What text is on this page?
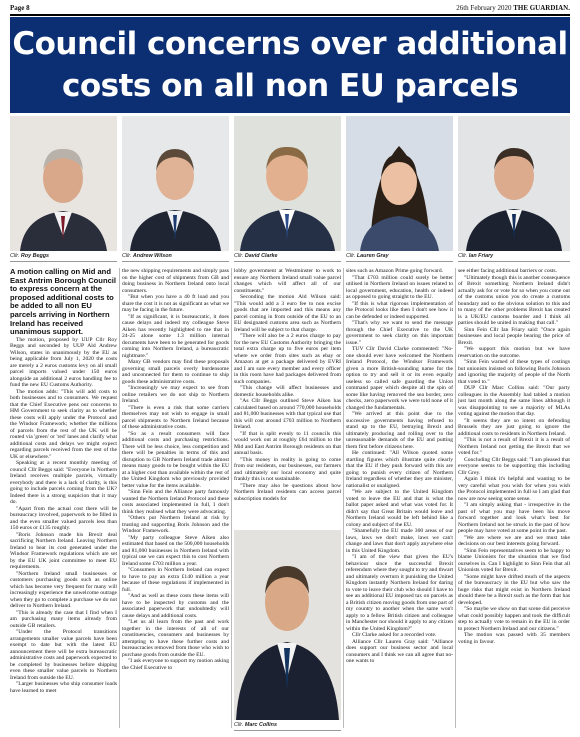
Page 8	26th February 2020 THE GUARDIAN.
Council concerns over additional costs on all non EU parcels
Cllr. Roy Beggs	Cllr. Andrew Wilson	Cllr. David Clarke	Cllr. Lauren Gray	Cllr. Ian Friary

A motion calling on Mid and East Antrim Borough Council to express concern at the proposed additional costs to be added to all non EU parcels arriving in Northern Ireland has received unanimous support.

The motion, proposed by UUP Cllr Roy Beggs and seconded by UUP Ald Andrew Wilson, states in unanimously by the EU as being applicable from July 1, 2020 the costs are merely a 2 euros customs levy on all small parcel imports valued under 150 euros alongside an additional 2 euros handling fee to fund the new EU Customs Authority.

The motion adds: "This will add costs to both businesses and to consumers. We request that the Chief Executive pens our concerns to HM Government to seek clarity as to whether these costs will apply under the Protocol and the Windsor Framework; whether the millions of parcels from the rest of the UK will be routed via 'green' or 'red' lanes and clarify what additional costs and delays we might expect regarding parcels received from the rest of the UK or elsewhere."

Speaking at a recent monthly meeting of council Cllr Beggs said: "Everyone in Northern Ireland receives multiple parcels, virtually everybody and there is a lack of clarity, is this going to include parcels coming from the UK? Indeed there is a strong suspicion that it may do.

"Apart from the actual cost there will be bureaucracy involved, paperwork to be filled in and the even smaller valued parcels less than 150 euros or £135 roughly.

"Boris Johnson made his Brexit deal sacrificing Northern Ireland. Leaving Northern Ireland to bear its cost generated under the Windsor Framework regulations which are set by the EU UK joint committee to meet EU requirements.

"Northern Ireland small businesses or customers purchasing goods such as online which has become very frequent for many will increasingly experience the unwelcome outrage when they go to complete a purchase we do not deliver to Northern Ireland.

"This is already the case that I find when I am purchasing many items already from outside GB retailers.

"Under the Protocol transitions arrangements smaller value parcels have been exempt to date but with the latest EU announcement there will be extra bureaucratic administrative costs and paperwork expected to be completed by businesses before shipping even these smaller value parcels to Northern Ireland from outside the EU.

"Larger businesses who ship consumer loads have learned to meet

the new shipping requirements and simply pass on the higher cost of shipments from GB and doing business in Northern Ireland onto local consumers.

"But when you have a 40 ft load and you share the cost it is not as significant as what we may be facing in the future.

"If as significant, it is bureaucratic, it does cause delays and indeed my colleague Steve Aiken has recently highlighted to me that in 24-25 alone some 1.3 million internal documents have been to be generated for goods coming into Northern Ireland, a bureaucratic nightmare."

Many GB vendors may find these proposals governing small parcels overly burdensome and unconnected for them to continue to ship goods these administrative costs.

"Increasingly we may expect to see from online retailers we do not ship to Northern Ireland.

"There is even a risk that some carriers themselves may not wish to engage in small parcel shipments to Northern Ireland because of these administrative costs.

"So as a result consumers will face additional costs and purchasing restrictions. There will be less choice, less competition and there will be penalties in terms of this and disruption to GB Northern Ireland trade almost means many goods to be bought within the EU at a higher cost than available within the rest of the United Kingdom who previously provided better value for the items available.

"Sinn Fein and the Alliance party famously wanted the Northern Ireland Protocol and these costs associated implemented in full, I don't think they realised what they were advocating.

"Others put Northern Ireland at risk by trusting and supporting Boris Johnson and the Windsor Framework.

"My party colleague Steve Aiken also estimated that based on the 500,000 households and 81,000 businesses in Northern Ireland with typical use we can expect this to cost Northern Ireland some £703 million a year.

"Consumers in Northern Ireland can expect to have to pay an extra £140 million a year because of these regulations if implemented in full.

"And as well as these costs these items will have to be inspected by customs and the associated paperwork that undoubtedly will cause delays and additional costs.

"Let us all learn from the past and work together in the interests of all of our constituencies, consumers and businesses by attempting to have these further costs and bureaucracies removed from those who wish to purchase goods from outside the EU.

"I ask everyone to support my motion asking the Chief Executive to

lobby government at Westminster to work to ensure any Northern Ireland small value parcel changes which will affect all of our constituents."

Seconding the motion Ald Wilson said: "This would add a 3 euro fee to non excise goods that are imported and this means any parcel coming in from outside of the EU to an EU designated customs area such as Northern Ireland will be subject to that charge.

"There will also be a 2 euros charge to pay for the new EU Customs Authority bringing the total extra charge up to five euros per item where we order from sites such as ebay or Amazon at get a package delivered by EVRI and I am sure every member and every officer in this room have had packages delivered from such companies.

"This change will affect businesses and domestic households alike.

"As Cllr Beggs outlined Steve Aiken has calculated based on around 770,000 households and 81,000 businesses with that typical use that this will cost around £703 million to Northern Ireland.

"If that is split evenly to 11 councils this would work out at roughly £64 million to the Mid and East Antrim Borough residents on that annual basis.

"This money in reality is going to come from our residents, our businesses, our farmers and ultimately our local economy and quite frankly this is not sustainable.

"There may also be questions about how Northern Ireland residents can access parcel subscription models for

Cllr. Marc Collins

sites such as Amazon Prime going forward.

"That £703 million could surely be better utilised in Northern Ireland on issues related to local government, education, health or indeed as opposed to going straight to the EU.

"If this is what rigorous implementation of the Protocol looks like then I don't see how it can be defended or indeed supported.

"That's why we want to send the message through the Chief Executive to the UK government to seek clarity on this important issue."

TUV Cllr David Clarke commented: "No-one should ever have welcomed the Northern Ireland Protocol, the Windsor Framework given a more British-sounding name for the option to try and sell it or its even equally useless so called safe guarding the Union command paper which despite all the spin of some like having removed the sea border, zero checks, zero paperwork we were told none of it changed the fundamentals.

"We arrived at this point due to the successive governments having refused to stand up to the EU, betraying Brexit and ultimately producing and rolling over to the unreasonable demands of the EU and putting them first before citizens here.

He continued: "All Wilson quoted some startling figures which illustrate quite clearly that the EU if they push forward with this are going to punish every citizen of Northern Ireland regardless of whether they are minister, nationalist or unaligned.

"We are subject to the United Kingdom voted to leave the EU and that is what the ballot paper asked and what was voted for. It didn't say that Great Britain would leave and Northern Ireland would be left behind like a colony and subject of the EU.

"Shamefully the EU made 300 areas of our laws, laws we don't make, laws we can't change and laws that don't apply anywhere else in this United Kingdom.

"I am of the view that given the EU's behaviour since the successful Brexit referendum where they sought to try and thwart and ultimately overturn it punishing the United Kingdom instantly Northern Ireland for daring to vote to leave their club who should I have to see an additional EU imposed tax on parcels as a British citizen moving goods from one part of my country to another when the same won't apply to a fellow British citizen and colleague in Manchester nor should it apply to any citizen within the United Kingdom?"

Cllr Clarke asked for a recorded vote.

Alliance Cllr Lauren Gray said: "Alliance does support our business sector and local consumers and I think we can all agree that no-one wants to

see either facing additional barriers or costs.

"Ultimately though this is another consequence of Brexit something Northern Ireland didn't actually ask for or vote for so when you come out of the customs union you do create a customs boundary and so the obvious solution to this and to many of the other problems Brexit has created is a UK/EU customs boarder and I think all parties should be united in making that call."

Sinn Fein Cllr Ian Friary said: "Once again businesses and local people bearing the price of Brexit.

"We support this motion but we have reservation on the outcome.

"Sinn Fein warned of these types of costings but unionists insisted on following Boris Johnson and ignoring the majority of people of the North that voted to."

DUP Cllr Marc Collins said: "Our party colleagues in the Assembly had tabled a motion just last month along the same lines although it was disappointing to see a majority of MLAs voting against the motion that day.

"It seems they are so intent on defending Brussels they are just going to ignore the additional costs to residents in Northern Ireland.

"This is not a result of Brexit it is a result of Northern Ireland not getting the Brexit that we voted for."

Concluding Cllr Beggs said: "I am pleased that everyone seems to be supporting this including Cllr Grey.

Again I think it's helpful and wanting to be very careful what you wish for when you wish the Protocol implemented in full so I am glad that now are now seeing some sense.

"I am simply asking that - irrespective in the past of what you may have been his move forward together and look what's best for Northern Ireland not be struck in the past of how people may have voted at some point in the past.

"We are where we are and we must take decisions on our best interests going forward.

"Sinn Fein representatives seem to be happy to blame Unionists for the situation that we find ourselves in. Can I highlight to Sinn Fein that all Unionists voted for Brexit.

"Some might have drifted much of the aspects of the bureaucracy in the EU but who saw the huge risks that might exist in Northern Ireland should there be a Brexit such as the form that has developed.

"So maybe we show on that scene did perceive what could possibly happen and took the difficult step to actually vote to remain in the EU in order to protect Northern Ireland and our citizens."

The motion was passed with 35 members voting in favour.
